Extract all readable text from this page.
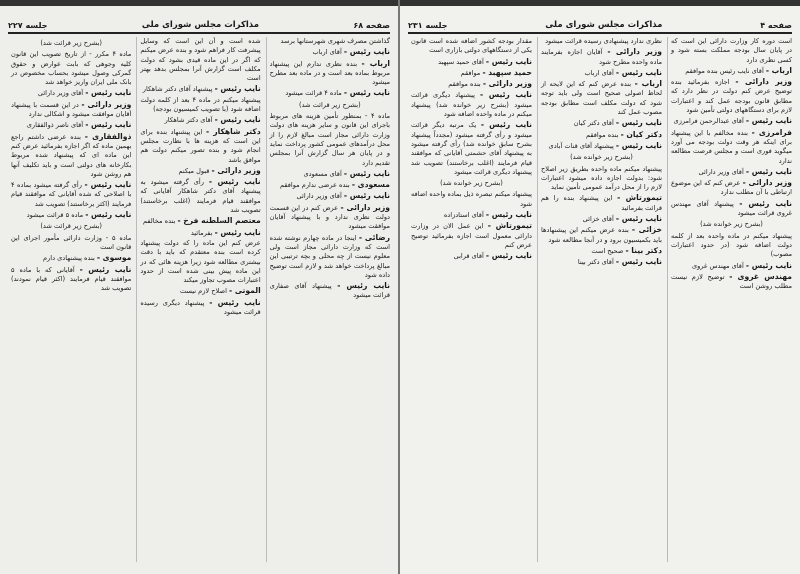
صفحه ۶۸
مذاکرات مجلس شورای ملی
جلسه ۲۲۷

گذاشتن مصرف شهری شهرستانها برسد

نایب رئیس - آقای ارباب

ارباب - بنده نظری ندارم این پیشنهاد مربوط بماده بعد است و در ماده بعد مطرح میشود

نایب رئیس - ماده ۴ قرائت میشود

(بشرح زیر قرائت شد)

ماده ۴ - بمنظور تأمین هزینه های مربوط باجرای این قانون و سایر هزینه های دولت وزارت دارائی مجاز است مبالغ لازم را از محل درآمدهای عمومی کشور پرداخت نماید و در پایان هر سال گزارش آنرا بمجلس تقدیم دارد

نایب رئیس - آقای مسعودی

مسعودی - بنده عرضی ندارم موافقم

نایب رئیس - آقای وزیر دارائی

وزیر دارائی - عرض کنم در این قسمت دولت نظری ندارد و با پیشنهاد آقایان موافقت میشود

رضائی - اینجا در ماده چهارم نوشته شده است که وزارت دارائی مجاز است ولی معلوم نیست از چه محلی و بچه ترتیبی این مبالغ پرداخت خواهد شد و لازم است توضیح داده شود

نایب رئیس - پیشنهاد آقای صفاری قرائت میشود

شده است و آن این است که وسایل پیشرفت کار فراهم شود و بنده عرض میکنم که اگر در این ماده قیدی بشود که دولت مکلف است گزارش آنرا بمجلس بدهد بهتر است

نایب رئیس - پیشنهاد آقای دکتر شاهکار

پیشنهاد میکنم در ماده ۴ بعد از کلمه دولت اضافه شود (با تصویب کمیسیون بودجه)

نایب رئیس - آقای دکتر شاهکار

دکتر شاهکار - این پیشنهاد بنده برای این است که هزینه ها با نظارت مجلس انجام شود و بنده تصور میکنم دولت هم موافق باشد

وزیر دارائی - قبول میکنم

نایب رئیس - رأی گرفته میشود به پیشنهاد آقای دکتر شاهکار آقایانی که موافقند قیام فرمایند (اغلب برخاستند) تصویب شد

معتصم السلطنه فرخ - بنده مخالفم

نایب رئیس - بفرمائید

عرض کنم این ماده را که دولت پیشنهاد کرده است بنده معتقدم که باید با دقت بیشتری مطالعه شود زیرا هزینه هائی که در این ماده پیش بینی شده است از حدود اعتبارات مصوب تجاوز میکند

الموتی - اصلاح لازم نیست

نایب رئیس - پیشنهاد دیگری رسیده قرائت میشود

(بشرح زیر قرائت شد)

ماده ۴ مکرر - از تاریخ تصویب این قانون کلیه وجوهی که بابت عوارض و حقوق گمرکی وصول میشود بحساب مخصوص در بانک ملی ایران واریز خواهد شد

نایب رئیس - آقای وزیر دارائی

وزیر دارائی - در این قسمت با پیشنهاد آقایان موافقت میشود و اشکالی ندارد

نایب رئیس - آقای ناصر ذوالفقاری

ذوالفقاری - بنده عرضی داشتم راجع بهمین ماده که اگر اجازه بفرمائید عرض کنم این ماده ای که پیشنهاد شده مربوط بکارخانه های دولتی است و باید تکلیف آنها هم روشن شود

نایب رئیس - رأی گرفته میشود بماده ۴ با اصلاحی که شده آقایانی که موافقند قیام فرمایند (اکثر برخاستند) تصویب شد

نایب رئیس - ماده ۵ قرائت میشود

(بشرح زیر قرائت شد)

ماده ۵ - وزارت دارائی مأمور اجرای این قانون است

موسوی - بنده پیشنهادی دارم

نایب رئیس - آقایانی که با ماده ۵ موافقند قیام فرمایند (اکثر قیام نمودند) تصویب شد

صفحه ۴
مذاکرات مجلس شورای ملی
جلسه ۲۳۱

است دوره کار وزارت دارائی این است که در پایان سال بودجه مملکت بسته شود و کسی نظری دارد

ارباب - آقای نایب رئیس بنده موافقم

وزیر دارائی - اجازه بفرمائید بنده توضیح عرض کنم دولت در نظر دارد که مطابق قانون بودجه عمل کند و اعتبارات لازم برای دستگاههای دولتی تأمین شود

نایب رئیس - آقای عبدالرحمن فرامرزی

فرامرزی - بنده مخالفم با این پیشنهاد برای اینکه هر وقت دولت بودجه می آورد میگوید فوری است و مجلس فرصت مطالعه ندارد

نایب رئیس - آقای وزیر دارائی

وزیر دارائی - عرض کنم که این موضوع ارتباطی با آن مطلب ندارد

نایب رئیس - پیشنهاد آقای مهندس غروی قرائت میشود

(بشرح زیر خوانده شد)

پیشنهاد میکنم در ماده واحده بعد از کلمه دولت اضافه شود (در حدود اعتبارات مصوب)

نایب رئیس - آقای مهندس غروی

مهندس غروی - توضیح لازم نیست مطلب روشن است

نظری ندارد پیشنهادی رسیده قرائت میشود

وزیر دارائی - آقایان اجازه بفرمایند ماده واحده مطرح شود

نایب رئیس - آقای ارباب

ارباب - بنده عرض کنم که این لایحه از لحاظ اصولی صحیح است ولی باید توجه شود که دولت مکلف است مطابق بودجه مصوب عمل کند

نایب رئیس - آقای دکتر کیان

دکتر کیان - بنده موافقم

نایب رئیس - پیشنهاد آقای قنات آبادی

(بشرح زیر خوانده شد)

پیشنهاد میکنم ماده واحده بطریق زیر اصلاح شود: بدولت اجازه داده میشود اعتبارات لازم را از محل درآمد عمومی تأمین نماید

تیمورتاش - این پیشنهاد بنده را هم قرائت بفرمائید

نایب رئیس - آقای خزائی

خزائی - بنده عرض میکنم این پیشنهادها باید بکمیسیون برود و در آنجا مطالعه شود

دکتر بینا - صحیح است

نایب رئیس - آقای دکتر بینا

مقدار بودجه کشور اضافه شده است قانون یکی از دستگاههای دولتی بازاری است

نایب رئیس - آقای حمید سپهبد

حمید سپهبد - موافقم

وزیر دارائی - بنده موافقم

نایب رئیس - پیشنهاد دیگری قرائت میشود (بشرح زیر خوانده شد) پیشنهاد میکنم در ماده واحده اضافه شود

نایب رئیس - یک مرتبه دیگر قرائت میشود و رأی گرفته میشود (مجدداً پیشنهاد بشرح سابق خوانده شد) رأی گرفته میشود به پیشنهاد آقای حشمتی آقایانی که موافقند قیام فرمایند (اغلب برخاستند) تصویب شد پیشنهاد دیگری قرائت میشود

(بشرح زیر خوانده شد)

پیشنهاد میکنم تبصره ذیل بماده واحده اضافه شود

نایب رئیس - آقای استادزاده

تیمورتاش - این عمل الان در وزارت دارائی معمول است اجازه بفرمائید توضیح عرض کنم

نایب رئیس - آقای قرابی
